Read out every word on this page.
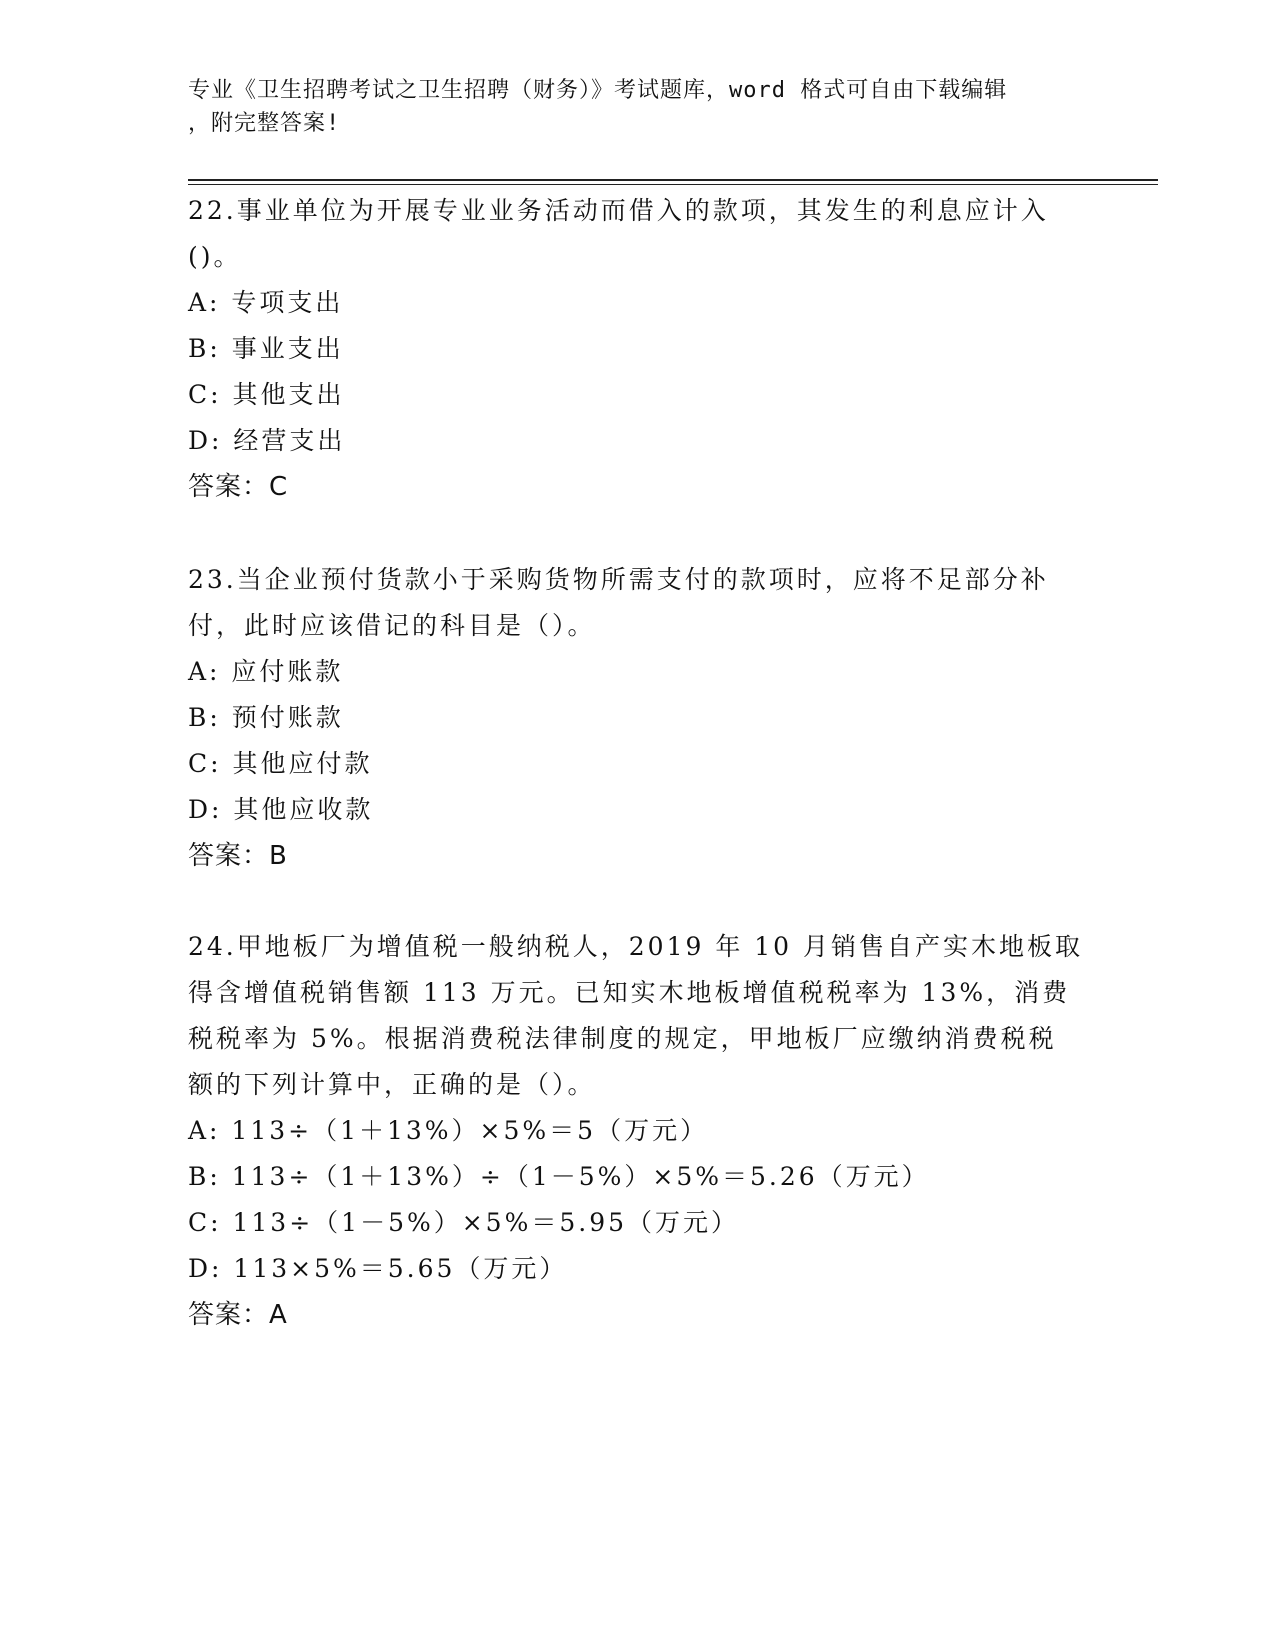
专业《卫生招聘考试之卫生招聘（财务）》考试题库，word 格式可自由下载编辑
，附完整答案!

22.事业单位为开展专业业务活动而借入的款项，其发生的利息应计入

()。

A: 专项支出

B: 事业支出

C: 其他支出

D: 经营支出

答案：C

23.当企业预付货款小于采购货物所需支付的款项时，应将不足部分补

付，此时应该借记的科目是（）。

A: 应付账款

B: 预付账款

C: 其他应付款

D: 其他应收款

答案：B

24.甲地板厂为增值税一般纳税人，2019 年 10 月销售自产实木地板取

得含增值税销售额 113 万元。已知实木地板增值税税率为 13%，消费

税税率为 5%。根据消费税法律制度的规定，甲地板厂应缴纳消费税税

额的下列计算中，正确的是（）。

A: 113÷（1＋13%）×5%＝5（万元）

B: 113÷（1＋13%）÷（1－5%）×5%＝5.26（万元）

C: 113÷（1－5%）×5%＝5.95（万元）

D: 113×5%＝5.65（万元）

答案：A
